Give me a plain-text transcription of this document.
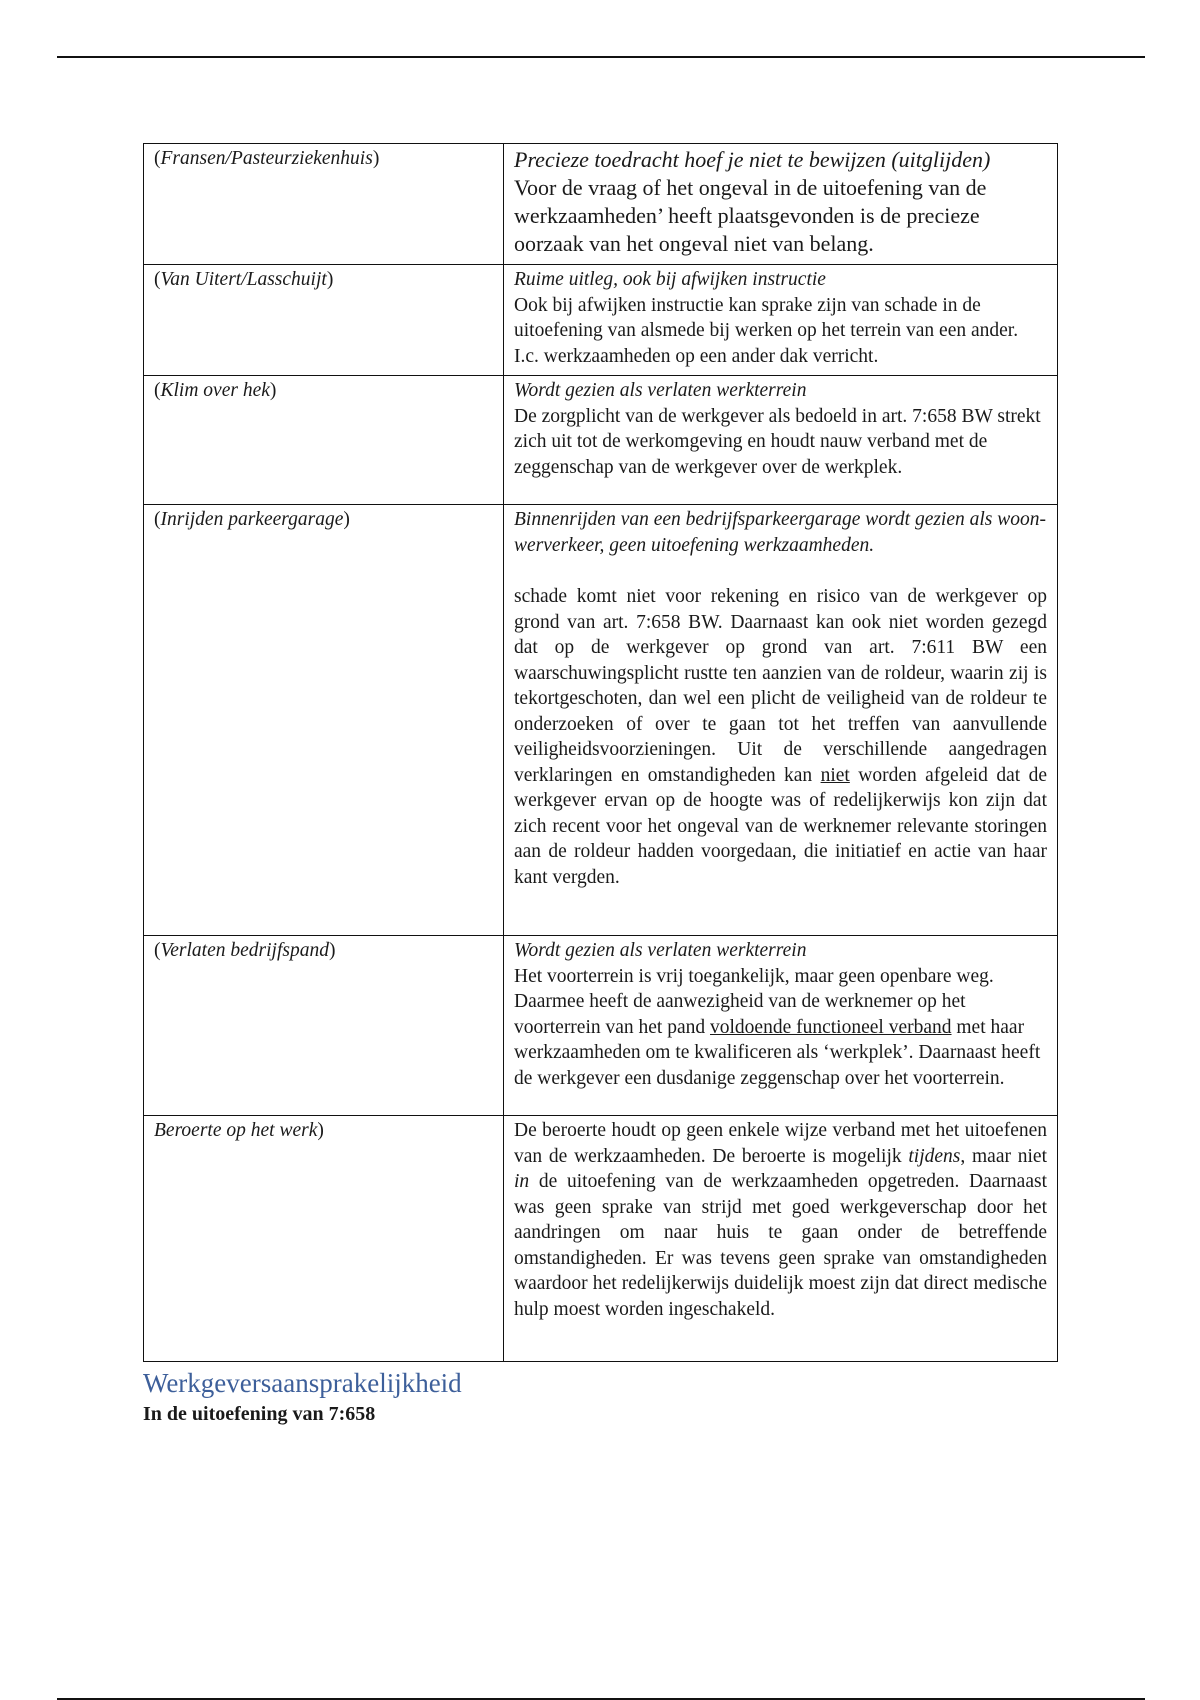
(Fransen/Pasteurziekenhuis)	Precieze toedracht hoef je niet te bewijzen (uitglijden)
Voor de vraag of het ongeval in de uitoefening van de werkzaamheden’ heeft plaatsgevonden is de precieze oorzaak van het ongeval niet van belang.

(Van Uitert/Lasschuijt)	Ruime uitleg, ook bij afwijken instructie
Ook bij afwijken instructie kan sprake zijn van schade in de uitoefening van alsmede bij werken op het terrein van een ander. I.c. werkzaamheden op een ander dak verricht.

(Klim over hek)	Wordt gezien als verlaten werkterrein
De zorgplicht van de werkgever als bedoeld in art. 7:658 BW strekt zich uit tot de werkomgeving en houdt nauw verband met de zeggenschap van de werkgever over de werkplek.

(Inrijden parkeergarage)	Binnenrijden van een bedrijfsparkeergarage wordt gezien als woon-werverkeer, geen uitoefening werkzaamheden.
schade komt niet voor rekening en risico van de werkgever op grond van art. 7:658 BW. Daarnaast kan ook niet worden gezegd dat op de werkgever op grond van art. 7:611 BW een waarschuwingsplicht rustte ten aanzien van de roldeur, waarin zij is tekortgeschoten, dan wel een plicht de veiligheid van de roldeur te onderzoeken of over te gaan tot het treffen van aanvullende veiligheidsvoorzieningen. Uit de verschillende aangedragen verklaringen en omstandigheden kan niet worden afgeleid dat de werkgever ervan op de hoogte was of redelijkerwijs kon zijn dat zich recent voor het ongeval van de werknemer relevante storingen aan de roldeur hadden voorgedaan, die initiatief en actie van haar kant vergden.

(Verlaten bedrijfspand)	Wordt gezien als verlaten werkterrein
Het voorterrein is vrij toegankelijk, maar geen openbare weg. Daarmee heeft de aanwezigheid van de werknemer op het voorterrein van het pand voldoende functioneel verband met haar werkzaamheden om te kwalificeren als ‘werkplek’. Daarnaast heeft de werkgever een dusdanige zeggenschap over het voorterrein.

Beroerte op het werk)	De beroerte houdt op geen enkele wijze verband met het uitoefenen van de werkzaamheden. De beroerte is mogelijk tijdens, maar niet in de uitoefening van de werkzaamheden opgetreden. Daarnaast was geen sprake van strijd met goed werkgeverschap door het aandringen om naar huis te gaan onder de betreffende omstandigheden. Er was tevens geen sprake van omstandigheden waardoor het redelijkerwijs duidelijk moest zijn dat direct medische hulp moest worden ingeschakeld.
Werkgeversaansprakelijkheid
In de uitoefening van 7:658
